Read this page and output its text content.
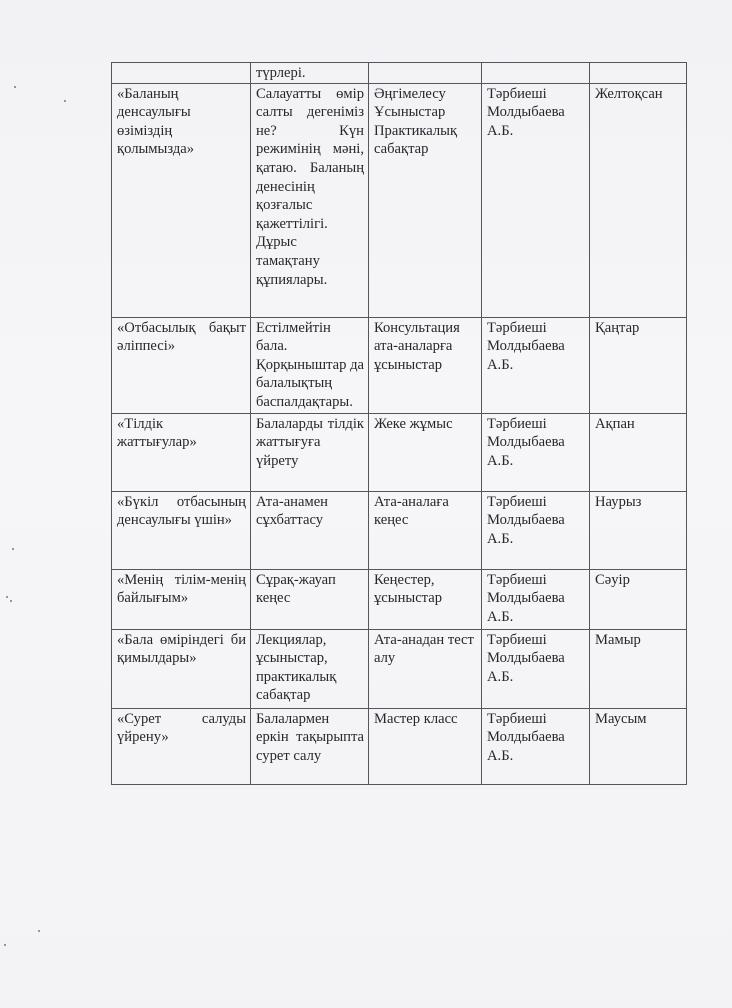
	түрлері.			
«Баланың денсаулығы өзіміздің қолымызда»	Салауатты өмір салты дегеніміз не? Күн режимінің мәні, қатаю. Баланың денесінің қозғалыс қажеттілігі. Дұрыс тамақтану құпиялары.	Әңгімелесу Ұсыныстар Практикалық сабақтар	Тәрбиеші Молдыбаева А.Б.	Желтоқсан
«Отбасылық бақыт әліппесі»	Естілмейтін бала. Қорқыныштар да балалықтың баспалдақтары.	Консультация ата-аналарға ұсыныстар	Тәрбиеші Молдыбаева А.Б.	Қаңтар
«Тілдік жаттығулар»	Балаларды тілдік жаттығуға үйрету	Жеке жұмыс	Тәрбиеші Молдыбаева А.Б.	Ақпан
«Бүкіл отбасының денсаулығы үшін»	Ата-анамен сұхбаттасу	Ата-аналаға кеңес	Тәрбиеші Молдыбаева А.Б.	Наурыз
«Менің тілім-менің байлығым»	Сұрақ-жауап кеңес	Кеңестер, ұсыныстар	Тәрбиеші Молдыбаева А.Б.	Сәуір
«Бала өміріндегі би қимылдары»	Лекциялар, ұсыныстар, практикалық сабақтар	Ата-анадан тест алу	Тәрбиеші Молдыбаева А.Б.	Мамыр
«Сурет салуды үйрену»	Балалармен еркін тақырыпта сурет салу	Мастер класс	Тәрбиеші Молдыбаева А.Б.	Маусым
